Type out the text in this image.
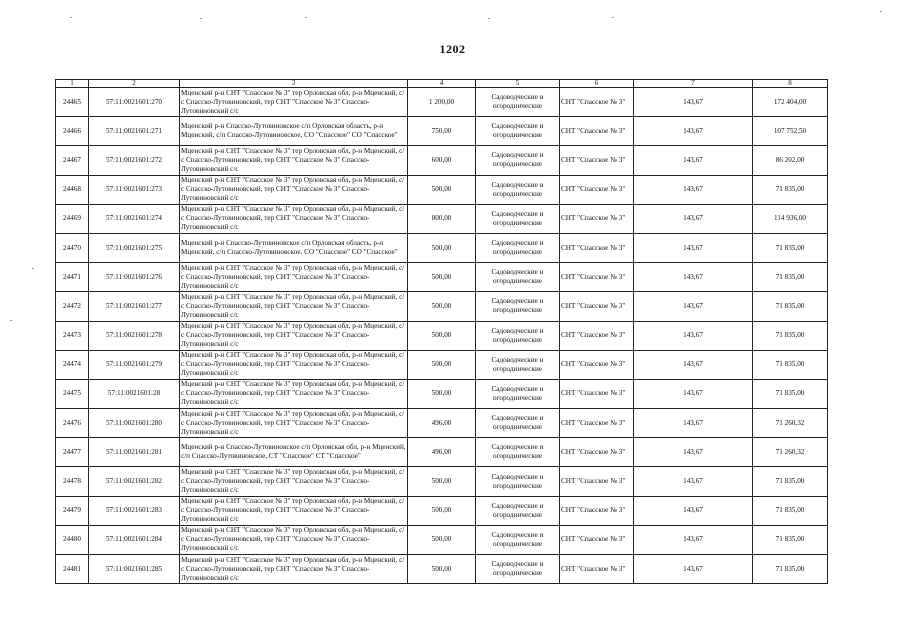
1202
1	2	3	4	5	6	7	8
24465	57:11:0021601:270	Мценский р-н СНТ "Спасское № 3" тер Орловская обл, р-н Мценский, с/с Спасско-Лутовиновский, тер СНТ "Спасское № 3" Спасско-Лутовиновский с/с	1 200,00	Садоводческие и огороднические	СНТ "Спасское № 3"	143,67	172 404,00
24466	57:11:0021601:271	Мценский р-н Спасско-Лутовиновское с/п Орловская область, р-н Мценский, с/п Спасско-Лутовиновское, СО "Спасское" СО "Спасское"	750,00	Садоводческие и огороднические	СНТ "Спасское № 3"	143,67	107 752,50
24467	57:11:0021601:272	Мценский р-н СНТ "Спасское № 3" тер Орловская обл, р-н Мценский, с/с Спасско-Лутовиновский, тер СНТ "Спасское № 3" Спасско-Лутовиновский с/с	600,00	Садоводческие и огороднические	СНТ "Спасское № 3"	143,67	86 202,00
24468	57:11:0021601:273	Мценский р-н СНТ "Спасское № 3" тер Орловская обл, р-н Мценский, с/с Спасско-Лутовиновский, тер СНТ "Спасское № 3" Спасско-Лутовиновский с/с	500,00	Садоводческие и огороднические	СНТ "Спасское № 3"	143,67	71 835,00
24469	57:11:0021601:274	Мценский р-н СНТ "Спасское № 3" тер Орловская обл, р-н Мценский, с/с Спасско-Лутовиновский, тер СНТ "Спасское № 3" Спасско-Лутовиновский с/с	800,00	Садоводческие и огороднические	СНТ "Спасское № 3"	143,67	114 936,00
24470	57:11:0021601:275	Мценский р-н Спасско-Лутовиновское с/п Орловская область, р-н Мценский, с/п Спасско-Лутовиновское, СО "Спасское" СО "Спасское"	500,00	Садоводческие и огороднические	СНТ "Спасское № 3"	143,67	71 835,00
24471	57:11:0021601:276	Мценский р-н СНТ "Спасское № 3" тер Орловская обл, р-н Мценский, с/с Спасско-Лутовиновский, тер СНТ "Спасское № 3" Спасско-Лутовиновский с/с	500,00	Садоводческие и огороднические	СНТ "Спасское № 3"	143,67	71 835,00
24472	57:11:0021601:277	Мценский р-н СНТ "Спасское № 3" тер Орловская обл, р-н Мценский, с/с Спасско-Лутовиновский, тер СНТ "Спасское № 3" Спасско-Лутовиновский с/с	500,00	Садоводческие и огороднические	СНТ "Спасское № 3"	143,67	71 835,00
24473	57:11:0021601:278	Мценский р-н СНТ "Спасское № 3" тер Орловская обл, р-н Мценский, с/с Спасско-Лутовиновский, тер СНТ "Спасское № 3" Спасско-Лутовиновский с/с	500,00	Садоводческие и огороднические	СНТ "Спасское № 3"	143,67	71 835,00
24474	57:11:0021601:279	Мценский р-н СНТ "Спасское № 3" тер Орловская обл, р-н Мценский, с/с Спасско-Лутовиновский, тер СНТ "Спасское № 3" Спасско-Лутовиновский с/с	500,00	Садоводческие и огороднические	СНТ "Спасское № 3"	143,67	71 835,00
24475	57:11:0021601:28	Мценский р-н СНТ "Спасское № 3" тер Орловская обл, р-н Мценский, с/с Спасско-Лутовиновский, тер СНТ "Спасское № 3" Спасско-Лутовиновский с/с	500,00	Садоводческие и огороднические	СНТ "Спасское № 3"	143,67	71 835,00
24476	57:11:0021601:280	Мценский р-н СНТ "Спасское № 3" тер Орловская обл, р-н Мценский, с/с Спасско-Лутовиновский, тер СНТ "Спасское № 3" Спасско-Лутовиновский с/с	496,00	Садоводческие и огороднические	СНТ "Спасское № 3"	143,67	71 260,32
24477	57:11:0021601:281	Мценский р-н Спасско-Лутовиновское с/п Орловская обл, р-н Мценский, с/п Спасско-Лутовиновское, СТ "Спасское" СТ "Спасское"	496,00	Садоводческие и огороднические	СНТ "Спасское № 3"	143,67	71 260,32
24478	57:11:0021601:282	Мценский р-н СНТ "Спасское № 3" тер Орловская обл, р-н Мценский, с/с Спасско-Лутовиновский, тер СНТ "Спасское № 3" Спасско-Лутовиновский с/с	500,00	Садоводческие и огороднические	СНТ "Спасское № 3"	143,67	71 835,00
24479	57:11:0021601:283	Мценский р-н СНТ "Спасское № 3" тер Орловская обл, р-н Мценский, с/с Спасско-Лутовиновский, тер СНТ "Спасское № 3" Спасско-Лутовиновский с/с	500,00	Садоводческие и огороднические	СНТ "Спасское № 3"	143,67	71 835,00
24480	57:11:0021601:284	Мценский р-н СНТ "Спасское № 3" тер Орловская обл, р-н Мценский, с/с Спасско-Лутовиновский, тер СНТ "Спасское № 3" Спасско-Лутовиновский с/с	500,00	Садоводческие и огороднические	СНТ "Спасское № 3"	143,67	71 835,00
24481	57:11:0021601:285	Мценский р-н СНТ "Спасское № 3" тер Орловская обл, р-н Мценский, с/с Спасско-Лутовиновский, тер СНТ "Спасское № 3" Спасско-Лутовиновский с/с	500,00	Садоводческие и огороднические	СНТ "Спасское № 3"	143,67	71 835,00
